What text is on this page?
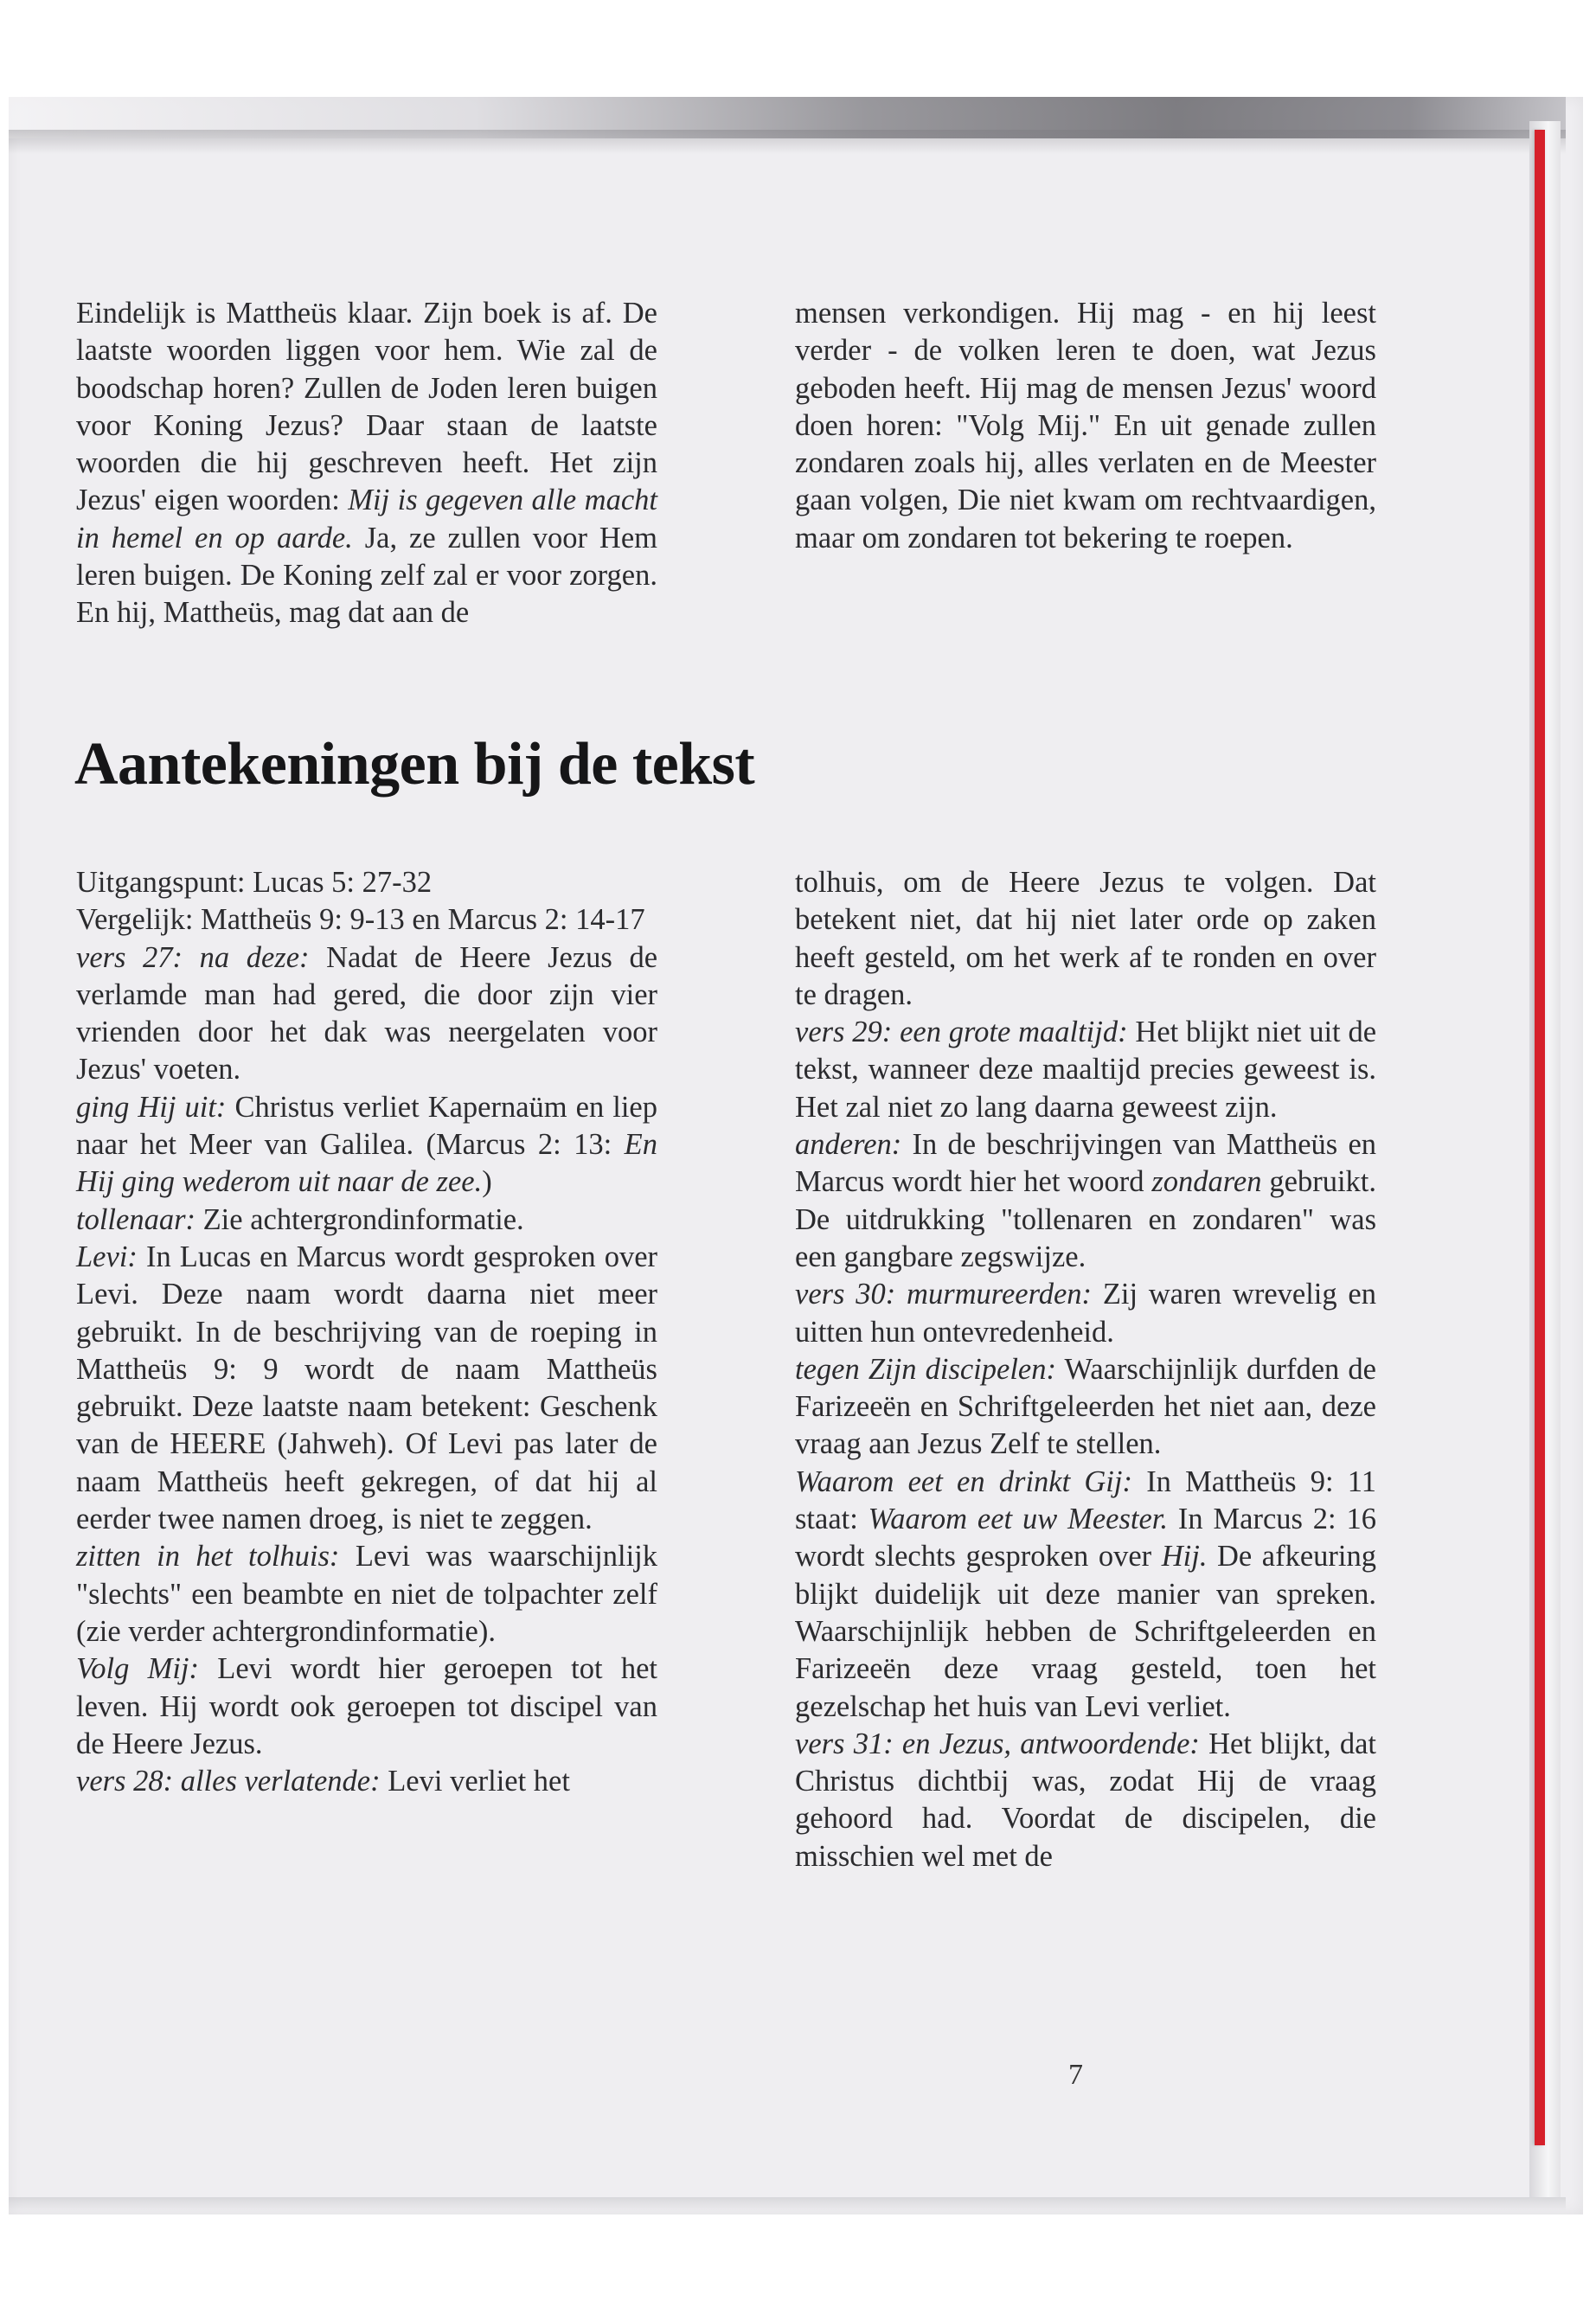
Eindelijk is Mattheüs klaar. Zijn boek is af. De laatste woorden liggen voor hem. Wie zal de boodschap horen? Zullen de Joden leren buigen voor Koning Jezus? Daar staan de laatste woorden die hij geschreven heeft. Het zijn Jezus' eigen woorden: Mij is gegeven alle macht in hemel en op aarde. Ja, ze zullen voor Hem leren buigen. De Koning zelf zal er voor zorgen. En hij, Mattheüs, mag dat aan de

mensen verkondigen. Hij mag - en hij leest verder - de volken leren te doen, wat Jezus geboden heeft. Hij mag de mensen Jezus' woord doen horen: "Volg Mij." En uit genade zullen zondaren zoals hij, alles verlaten en de Meester gaan volgen, Die niet kwam om rechtvaardigen, maar om zondaren tot bekering te roepen.

Aantekeningen bij de tekst

Uitgangspunt: Lucas 5: 27-32

Vergelijk: Mattheüs 9: 9-13 en Marcus 2: 14-17

vers 27: na deze: Nadat de Heere Jezus de verlamde man had gered, die door zijn vier vrienden door het dak was neergelaten voor Jezus' voeten.

ging Hij uit: Christus verliet Kapernaüm en liep naar het Meer van Galilea. (Marcus 2: 13: En Hij ging wederom uit naar de zee.)

tollenaar: Zie achtergrondinformatie.

Levi: In Lucas en Marcus wordt gesproken over Levi. Deze naam wordt daarna niet meer gebruikt. In de beschrijving van de roeping in Mattheüs 9: 9 wordt de naam Mattheüs gebruikt. Deze laatste naam betekent: Geschenk van de HEERE (Jahweh). Of Levi pas later de naam Mattheüs heeft gekregen, of dat hij al eerder twee namen droeg, is niet te zeggen.

zitten in het tolhuis: Levi was waarschijnlijk "slechts" een beambte en niet de tolpachter zelf (zie verder achtergrondinformatie).

Volg Mij: Levi wordt hier geroepen tot het leven. Hij wordt ook geroepen tot discipel van de Heere Jezus.

vers 28: alles verlatende: Levi verliet het

tolhuis, om de Heere Jezus te volgen. Dat betekent niet, dat hij niet later orde op zaken heeft gesteld, om het werk af te ronden en over te dragen.

vers 29: een grote maaltijd: Het blijkt niet uit de tekst, wanneer deze maaltijd precies geweest is. Het zal niet zo lang daarna geweest zijn.

anderen: In de beschrijvingen van Mattheüs en Marcus wordt hier het woord zondaren gebruikt. De uitdrukking "tollenaren en zondaren" was een gangbare zegswijze.

vers 30: murmureerden: Zij waren wrevelig en uitten hun ontevredenheid.

tegen Zijn discipelen: Waarschijnlijk durfden de Farizeeën en Schriftgeleerden het niet aan, deze vraag aan Jezus Zelf te stellen.

Waarom eet en drinkt Gij: In Mattheüs 9: 11 staat: Waarom eet uw Meester. In Marcus 2: 16 wordt slechts gesproken over Hij. De afkeuring blijkt duidelijk uit deze manier van spreken. Waarschijnlijk hebben de Schriftgeleerden en Farizeeën deze vraag gesteld, toen het gezelschap het huis van Levi verliet.

vers 31: en Jezus, antwoordende: Het blijkt, dat Christus dichtbij was, zodat Hij de vraag gehoord had. Voordat de discipelen, die misschien wel met de

7
